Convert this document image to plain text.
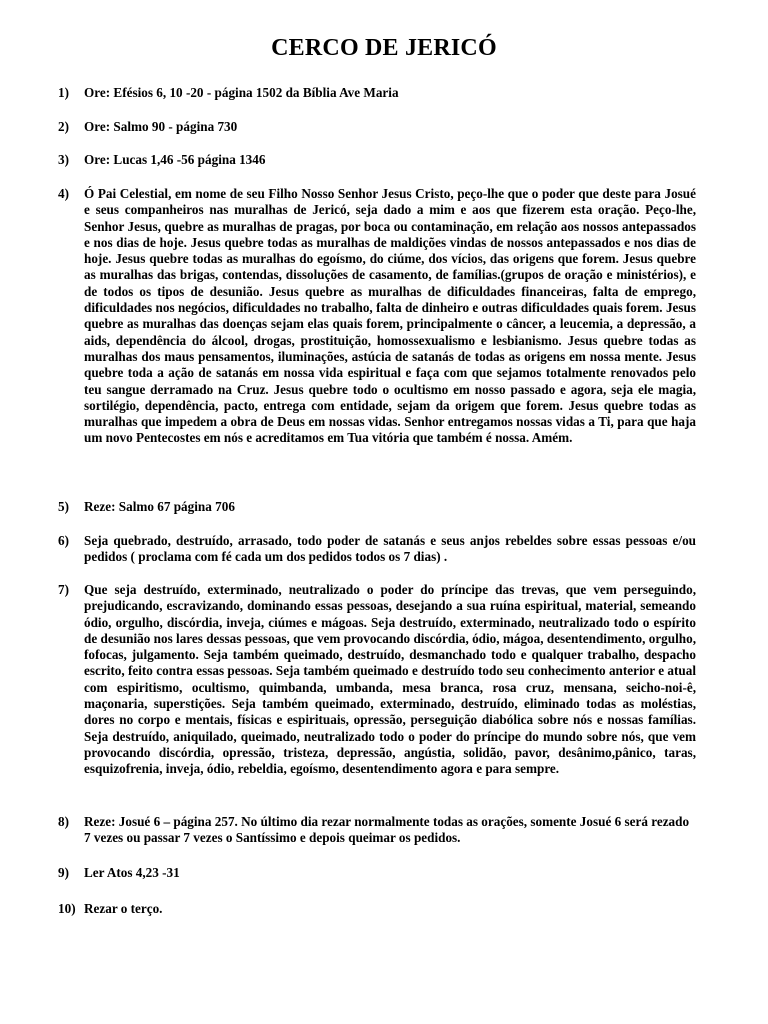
CERCO DE JERICÓ
1)	Ore: Efésios 6, 10 -20 - página 1502 da Bíblia Ave Maria
2)	Ore: Salmo 90 - página 730
3)	Ore: Lucas 1,46 -56 página 1346
4)	Ó Pai Celestial, em nome de seu Filho Nosso Senhor Jesus Cristo, peço-lhe que o poder que deste para Josué e seus companheiros nas muralhas de Jericó, seja dado a mim e aos que fizerem esta oração. Peço-lhe, Senhor Jesus, quebre as muralhas de pragas, por boca ou contaminação, em relação aos nossos antepassados e nos dias de hoje. Jesus quebre todas as muralhas de maldições vindas de nossos antepassados e nos dias de hoje. Jesus quebre todas as muralhas do egoísmo, do ciúme, dos vícios, das origens que forem. Jesus quebre as muralhas das brigas, contendas, dissoluções de casamento, de famílias.(grupos de oração e ministérios), e de todos os tipos de desunião. Jesus quebre as muralhas de dificuldades financeiras, falta de emprego, dificuldades nos negócios, dificuldades no trabalho, falta de dinheiro e outras dificuldades quais forem. Jesus quebre as muralhas das doenças sejam elas quais forem, principalmente o câncer, a leucemia, a depressão, a aids, dependência do álcool, drogas, prostituição, homossexualismo e lesbianismo. Jesus quebre todas as muralhas dos maus pensamentos, iluminações, astúcia de satanás de todas as origens em nossa mente. Jesus quebre toda a ação de satanás em nossa vida espiritual e faça com que sejamos totalmente renovados pelo teu sangue derramado na Cruz. Jesus quebre todo o ocultismo em nosso passado e agora, seja ele magia, sortilégio, dependência, pacto, entrega com entidade, sejam da origem que forem. Jesus quebre todas as muralhas que impedem a obra de Deus em nossas vidas. Senhor entregamos nossas vidas a Ti, para que haja um novo Pentecostes em nós e acreditamos em Tua vitória que também é nossa. Amém.
5)	Reze: Salmo 67 página 706
6)	Seja quebrado, destruído, arrasado, todo poder de satanás e seus anjos rebeldes sobre essas pessoas e/ou pedidos ( proclama com fé cada um dos pedidos todos os 7 dias) .
7)	Que seja destruído, exterminado, neutralizado o poder do príncipe das trevas, que vem perseguindo, prejudicando, escravizando, dominando essas pessoas, desejando a sua ruína espiritual, material, semeando ódio, orgulho, discórdia, inveja, ciúmes e mágoas. Seja destruído, exterminado, neutralizado todo o espírito de desunião nos lares dessas pessoas, que vem provocando discórdia, ódio, mágoa, desentendimento, orgulho, fofocas, julgamento. Seja também queimado, destruído, desmanchado todo e qualquer trabalho, despacho escrito, feito contra essas pessoas. Seja também queimado e destruído todo seu conhecimento anterior e atual com espiritismo, ocultismo, quimbanda, umbanda, mesa branca, rosa cruz, mensana, seicho-noi-ê, maçonaria, superstições. Seja também queimado, exterminado, destruído, eliminado todas as moléstias, dores no corpo e mentais, físicas e espirituais, opressão, perseguição diabólica sobre nós e nossas famílias. Seja destruído, aniquilado, queimado, neutralizado todo o poder do príncipe do mundo sobre nós, que vem provocando discórdia, opressão, tristeza, depressão, angústia, solidão, pavor, desânimo,pânico, taras, esquizofrenia, inveja, ódio, rebeldia, egoísmo, desentendimento agora e para sempre.
8)	Reze: Josué 6 – página 257. No último dia rezar normalmente todas as orações, somente Josué 6 será rezado 7 vezes ou passar 7 vezes o Santíssimo e depois queimar os pedidos.
9)	Ler Atos 4,23 -31
10) Rezar o terço.
